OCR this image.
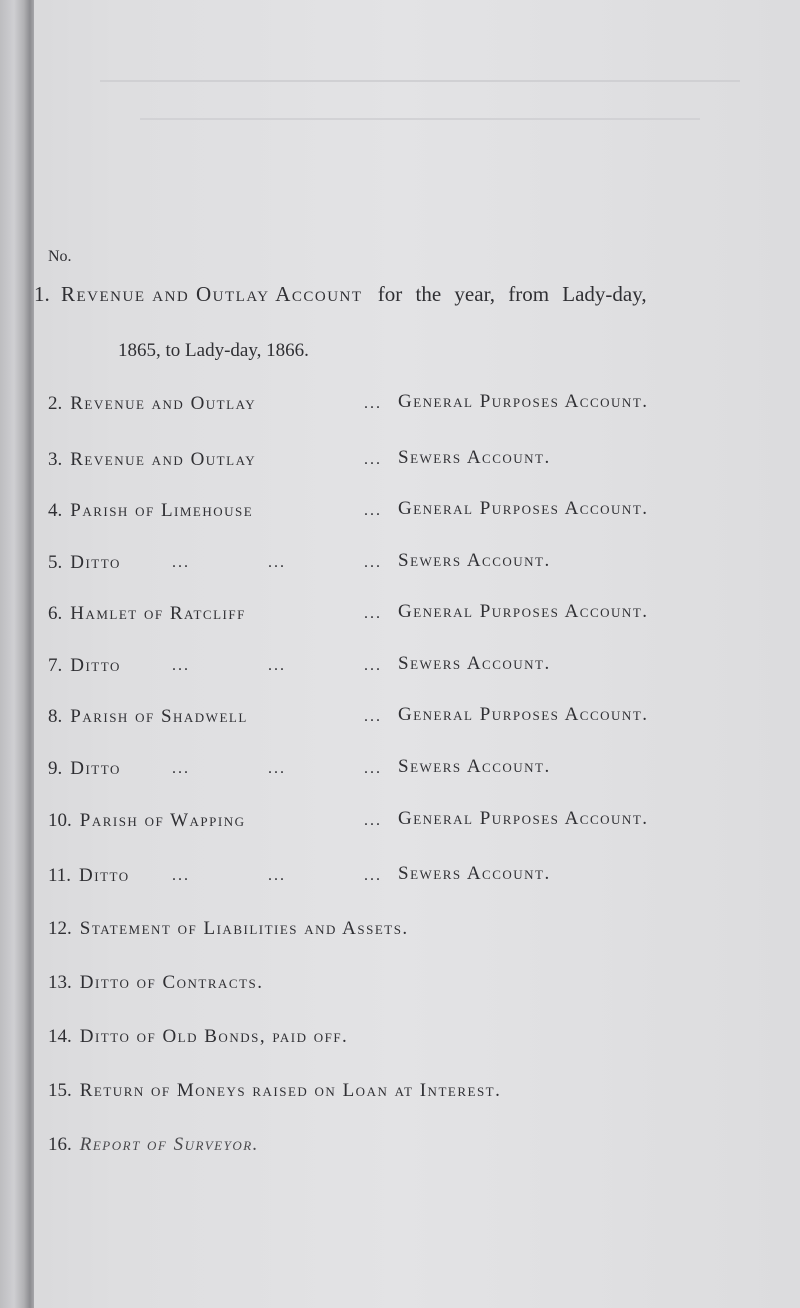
No.
1. Revenue and Outlay Account for the year, from Lady-day,
1865, to Lady-day, 1866.
2. Revenue and Outlay	... General Purposes Account.
3. Revenue and Outlay	... Sewers Account.
4. Parish of Limehouse	... General Purposes Account.
5. Ditto	...	...	... Sewers Account.
6. Hamlet of Ratcliff	... General Purposes Account.
7. Ditto	...	...	... Sewers Account.
8. Parish of Shadwell	... General Purposes Account.
9. Ditto	...	...	... Sewers Account.
10. Parish of Wapping	... General Purposes Account.
11. Ditto	...	...	... Sewers Account.
12. Statement of Liabilities and Assets.
13. Ditto of Contracts.
14. Ditto of Old Bonds, paid off.
15. Return of Moneys raised on Loan at Interest.
16. Report of Surveyor.
